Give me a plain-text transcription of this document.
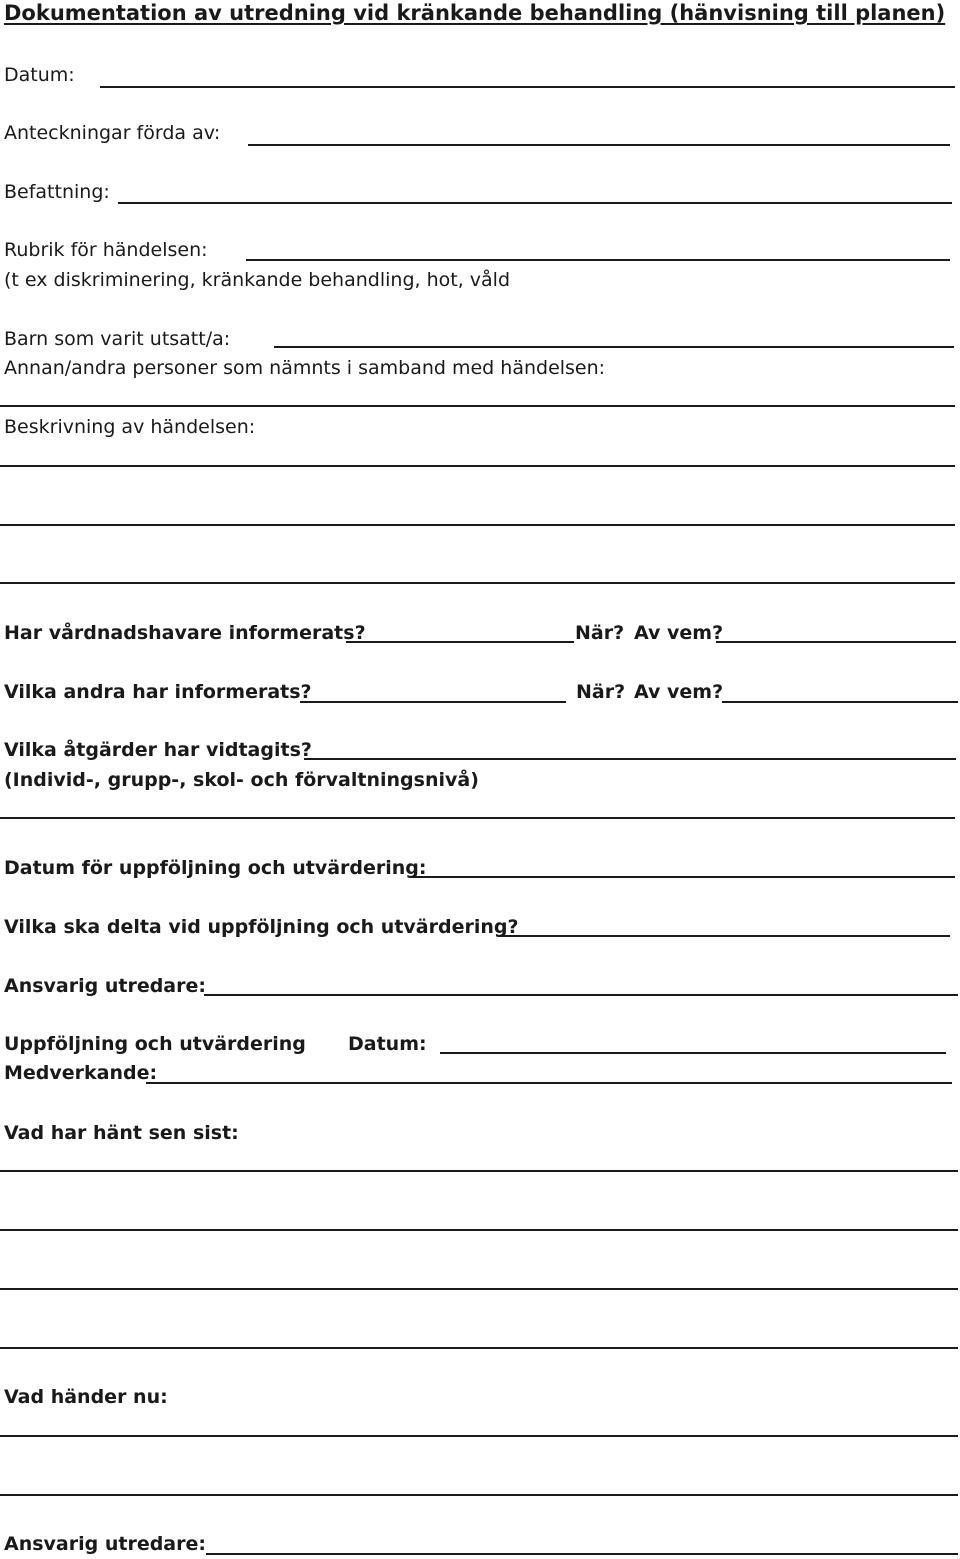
Dokumentation av utredning vid kränkande behandling (hänvisning till planen)
Datum:
Anteckningar förda av:
Befattning:
Rubrik för händelsen:
(t ex diskriminering, kränkande behandling, hot, våld
Barn som varit utsatt/a:
Annan/andra personer som nämnts i samband med händelsen:
Beskrivning av händelsen:
Har vårdnadshavare informerats?	När? Av vem?
Vilka andra har informerats?	När? Av vem?
Vilka åtgärder har vidtagits?
(Individ-, grupp-, skol- och förvaltningsnivå)
Datum för uppföljning och utvärdering:
Vilka ska delta vid uppföljning och utvärdering?
Ansvarig utredare:
Uppföljning och utvärdering Datum:
Medverkande:
Vad har hänt sen sist:
Vad händer nu:
Ansvarig utredare:
